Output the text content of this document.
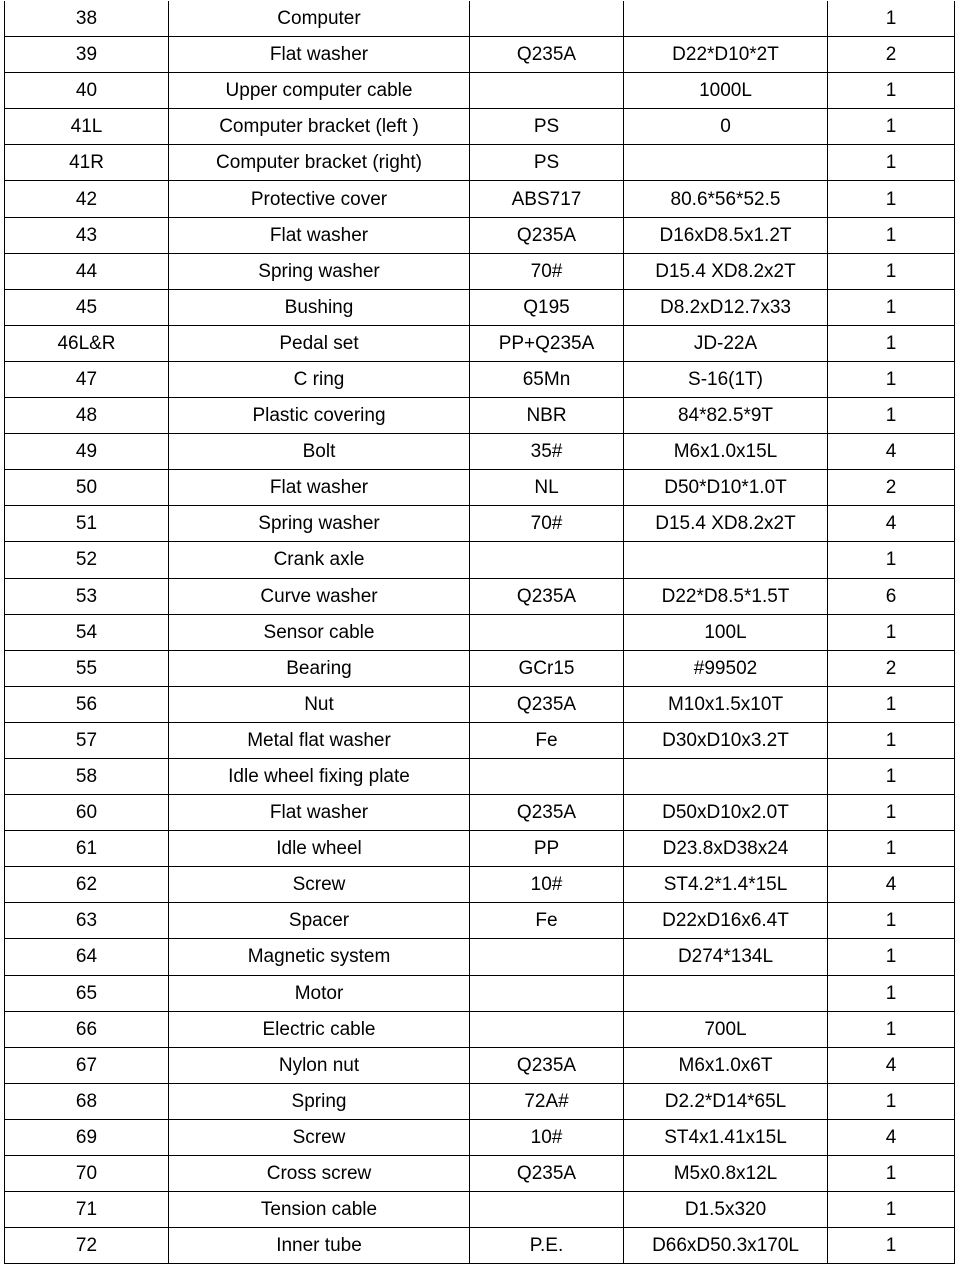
38	Computer			1
39	Flat washer	Q235A	D22*D10*2T	2
40	Upper computer cable		1000L	1
41L	Computer bracket (left )	PS	0	1
41R	Computer bracket (right)	PS		1
42	Protective cover	ABS717	80.6*56*52.5	1
43	Flat washer	Q235A	D16xD8.5x1.2T	1
44	Spring washer	70#	D15.4 XD8.2x2T	1
45	Bushing	Q195	D8.2xD12.7x33	1
46L&R	Pedal set	PP+Q235A	JD-22A	1
47	C ring	65Mn	S-16(1T)	1
48	Plastic covering	NBR	84*82.5*9T	1
49	Bolt	35#	M6x1.0x15L	4
50	Flat washer	NL	D50*D10*1.0T	2
51	Spring washer	70#	D15.4 XD8.2x2T	4
52	Crank axle			1
53	Curve washer	Q235A	D22*D8.5*1.5T	6
54	Sensor cable		100L	1
55	Bearing	GCr15	#99502	2
56	Nut	Q235A	M10x1.5x10T	1
57	Metal flat washer	Fe	D30xD10x3.2T	1
58	Idle wheel fixing plate			1
60	Flat washer	Q235A	D50xD10x2.0T	1
61	Idle wheel	PP	D23.8xD38x24	1
62	Screw	10#	ST4.2*1.4*15L	4
63	Spacer	Fe	D22xD16x6.4T	1
64	Magnetic system		D274*134L	1
65	Motor			1
66	Electric cable		700L	1
67	Nylon nut	Q235A	M6x1.0x6T	4
68	Spring	72A#	D2.2*D14*65L	1
69	Screw	10#	ST4x1.41x15L	4
70	Cross screw	Q235A	M5x0.8x12L	1
71	Tension cable		D1.5x320	1
72	Inner tube	P.E.	D66xD50.3x170L	1
